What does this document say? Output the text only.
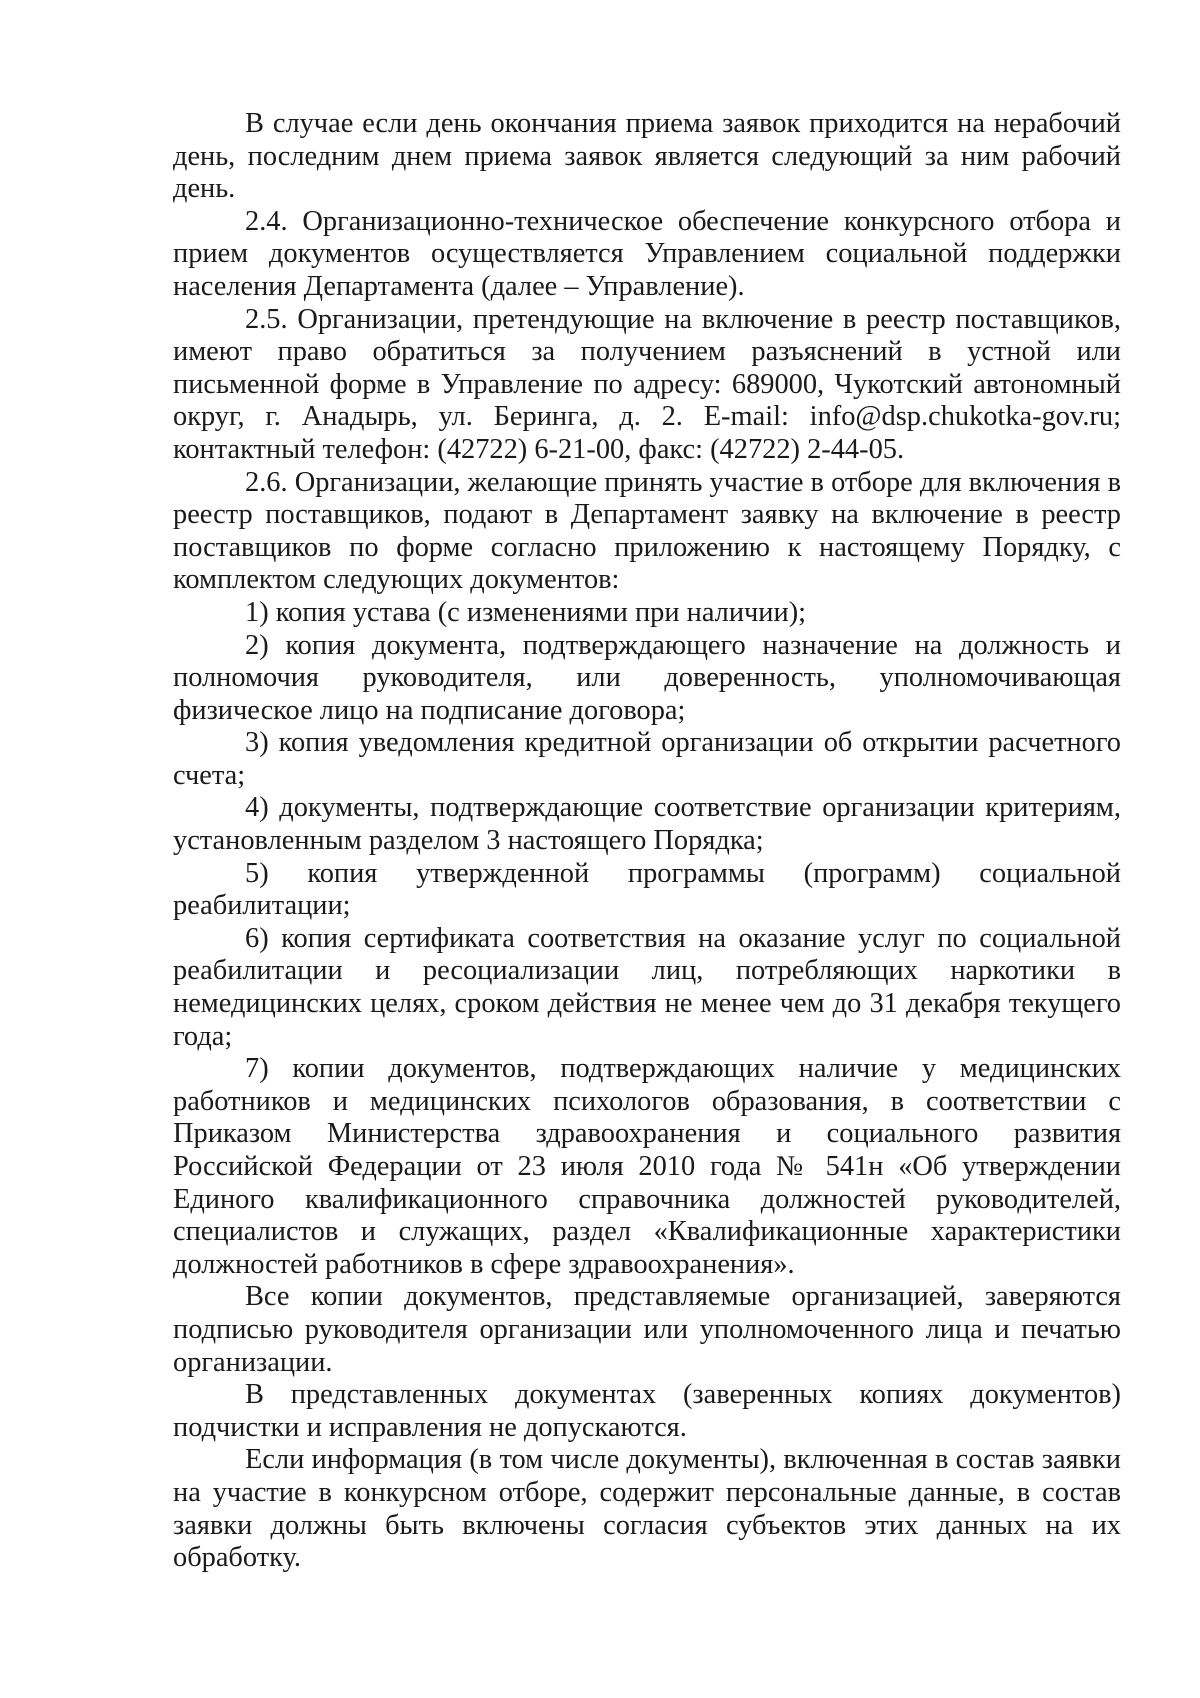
В случае если день окончания приема заявок приходится на нерабочий день, последним днем приема заявок является следующий за ним рабочий день.

2.4. Организационно-техническое обеспечение конкурсного отбора и прием документов осуществляется Управлением социальной поддержки населения Департамента (далее – Управление).

2.5. Организации, претендующие на включение в реестр поставщиков, имеют право обратиться за получением разъяснений в устной или письменной форме в Управление по адресу: 689000, Чукотский автономный округ, г. Анадырь, ул. Беринга, д. 2. E-mail: info@dsp.chukotka-gov.ru; контактный телефон: (42722) 6-21-00, факс: (42722) 2-44-05.

2.6. Организации, желающие принять участие в отборе для включения в реестр поставщиков, подают в Департамент заявку на включение в реестр поставщиков по форме согласно приложению к настоящему Порядку, с комплектом следующих документов:

1) копия устава (с изменениями при наличии);

2) копия документа, подтверждающего назначение на должность и полномочия руководителя, или доверенность, уполномочивающая физическое лицо на подписание договора;

3) копия уведомления кредитной организации об открытии расчетного счета;

4) документы, подтверждающие соответствие организации критериям, установленным разделом 3 настоящего Порядка;

5) копия утвержденной программы (программ) социальной реабилитации;

6) копия сертификата соответствия на оказание услуг по социальной реабилитации и ресоциализации лиц, потребляющих наркотики в немедицинских целях, сроком действия не менее чем до 31 декабря текущего года;

7) копии документов, подтверждающих наличие у медицинских работников и медицинских психологов образования, в соответствии с Приказом Министерства здравоохранения и социального развития Российской Федерации от 23 июля 2010 года № 541н «Об утверждении Единого квалификационного справочника должностей руководителей, специалистов и служащих, раздел «Квалификационные характеристики должностей работников в сфере здравоохранения».

Все копии документов, представляемые организацией, заверяются подписью руководителя организации или уполномоченного лица и печатью организации.

В представленных документах (заверенных копиях документов) подчистки и исправления не допускаются.

Если информация (в том числе документы), включенная в состав заявки на участие в конкурсном отборе, содержит персональные данные, в состав заявки должны быть включены согласия субъектов этих данных на их обработку.
